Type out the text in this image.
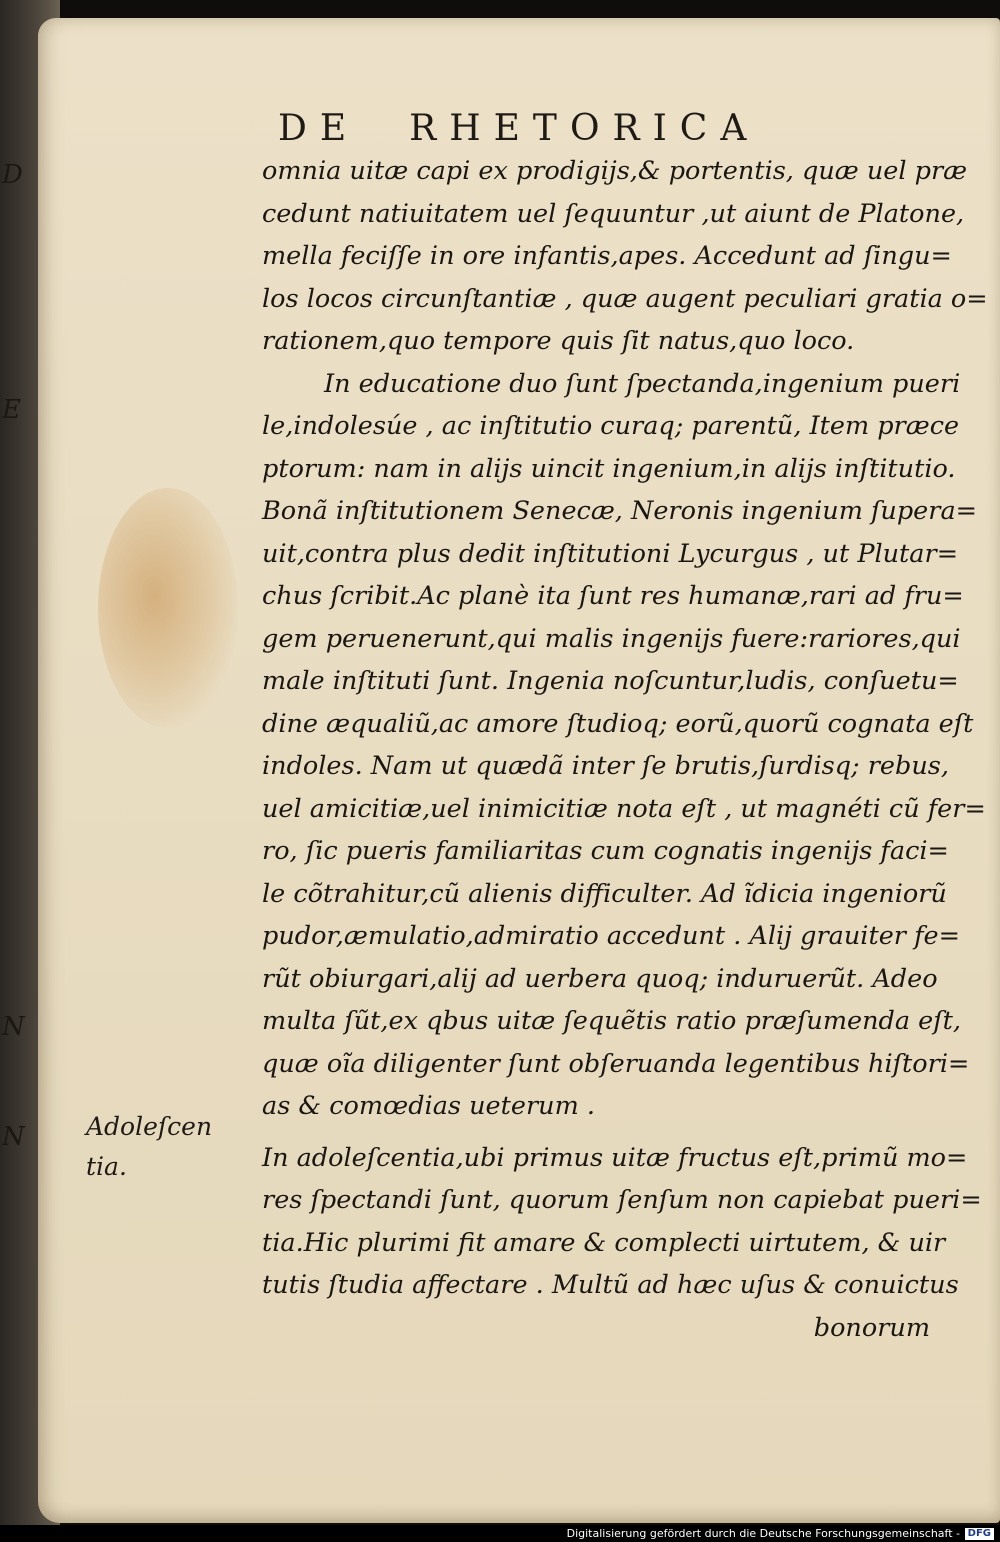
D
E
N
N
DE RHETORICA
omnia uitæ capi ex prodigijs,& portentis, quæ uel præ
cedunt natiuitatem uel ſequuntur ,ut aiunt de Platone,
mella feciſſe in ore infantis,apes. Accedunt ad ſingu=
los locos circunſtantiæ , quæ augent peculiari gratia o=
rationem,quo tempore quis ſit natus,quo loco.
In educatione duo ſunt ſpectanda,ingenium pueri
le,indolesúe , ac inſtitutio curaq; parentũ, Item præce
ptorum: nam in alijs uincit ingenium,in alijs inſtitutio.
Bonã inſtitutionem Senecæ, Neronis ingenium ſupera=
uit,contra plus dedit inſtitutioni Lycurgus , ut Plutar=
chus ſcribit.Ac planè ita ſunt res humanæ,rari ad fru=
gem peruenerunt,qui malis ingenijs fuere:rariores,qui
male inſtituti ſunt. Ingenia noſcuntur,ludis, conſuetu=
dine æqualiũ,ac amore ſtudioq; eorũ,quorũ cognata eſt
indoles. Nam ut quædã inter ſe brutis,ſurdisq; rebus,
uel amicitiæ,uel inimicitiæ nota eſt , ut magnéti cũ fer=
ro, ſic pueris familiaritas cum cognatis ingenijs faci=
le cõtrahitur,cũ alienis difficulter. Ad ĩdicia ingeniorũ
pudor,æmulatio,admiratio accedunt . Alij grauiter fe=
rũt obiurgari,alij ad uerbera quoq; induruerũt. Adeo
multa ſũt,ex qbus uitæ ſequẽtis ratio præſumenda eſt,
quæ oĩa diligenter ſunt obſeruanda legentibus hiſtori=
as & comœdias ueterum .
In adoleſcentia,ubi primus uitæ fructus eſt,primũ mo=
res ſpectandi ſunt, quorum ſenſum non capiebat pueri=
tia.Hic plurimi fit amare & complecti uirtutem, & uir
tutis ſtudia affectare . Multũ ad hæc uſus & conuictus
bonorum
Adoleſcen
tia.
Digitalisierung gefördert durch die Deutsche Forschungsgemeinschaft - DFG
